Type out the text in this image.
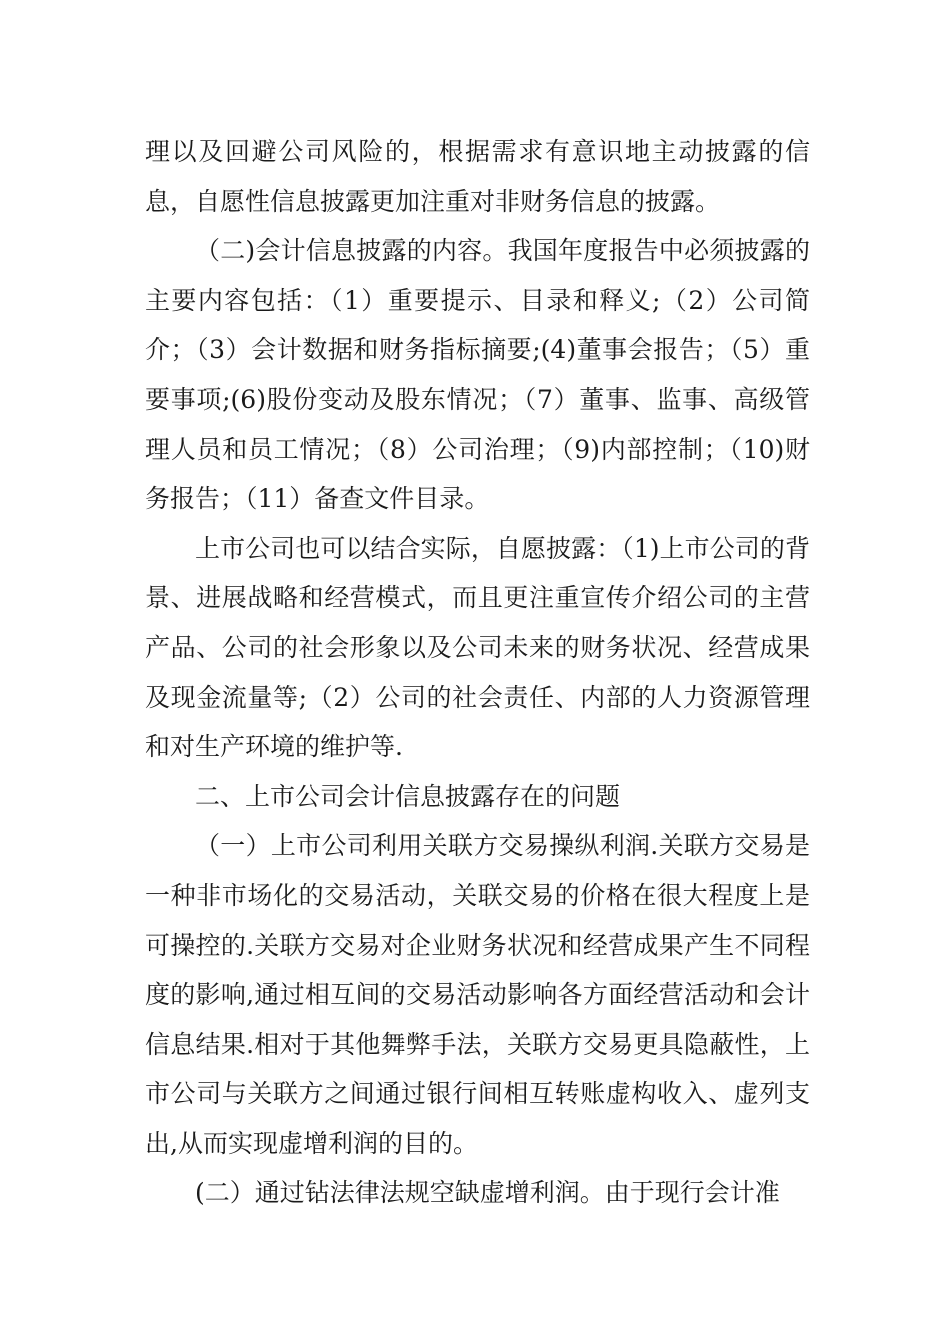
理以及回避公司风险的，根据需求有意识地主动披露的信息，自愿性信息披露更加注重对非财务信息的披露。

（二)会计信息披露的内容。我国年度报告中必须披露的主要内容包括：（1）重要提示、目录和释义;（2）公司简介；（3）会计数据和财务指标摘要;(4)董事会报告；（5）重要事项;(6)股份变动及股东情况；（7）董事、监事、高级管理人员和员工情况；（8）公司治理；（9)内部控制；（10)财务报告；（11）备查文件目录。

上市公司也可以结合实际，自愿披露：（1)上市公司的背景、进展战略和经营模式，而且更注重宣传介绍公司的主营产品、公司的社会形象以及公司未来的财务状况、经营成果及现金流量等;（2）公司的社会责任、内部的人力资源管理和对生产环境的维护等.

二、上市公司会计信息披露存在的问题

（一）上市公司利用关联方交易操纵利润.关联方交易是一种非市场化的交易活动，关联交易的价格在很大程度上是可操控的.关联方交易对企业财务状况和经营成果产生不同程度的影响,通过相互间的交易活动影响各方面经营活动和会计信息结果.相对于其他舞弊手法，关联方交易更具隐蔽性，上市公司与关联方之间通过银行间相互转账虚构收入、虚列支出,从而实现虚增利润的目的。

(二）通过钻法律法规空缺虚增利润。由于现行会计准
